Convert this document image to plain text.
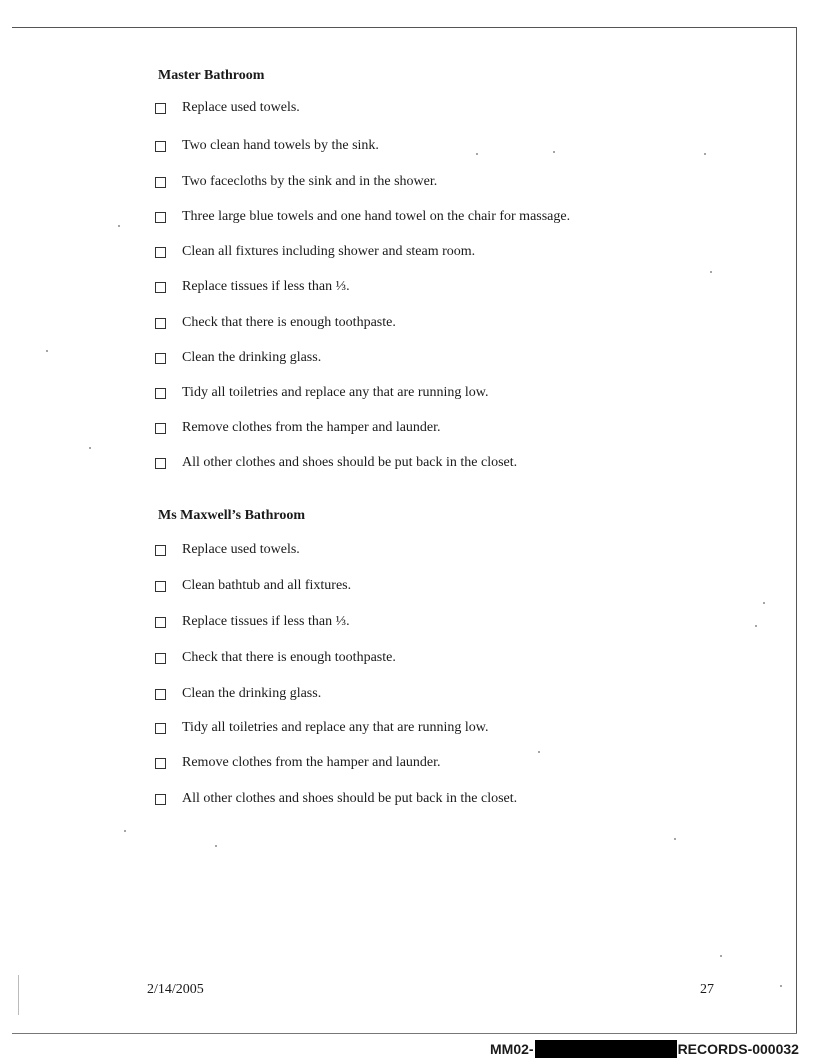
Master Bathroom
Replace used towels.
Two clean hand towels by the sink.
Two facecloths by the sink and in the shower.
Three large blue towels and one hand towel on the chair for massage.
Clean all fixtures including shower and steam room.
Replace tissues if less than ⅓.
Check that there is enough toothpaste.
Clean the drinking glass.
Tidy all toiletries and replace any that are running low.
Remove clothes from the hamper and launder.
All other clothes and shoes should be put back in the closet.
Ms Maxwell’s Bathroom
Replace used towels.
Clean bathtub and all fixtures.
Replace tissues if less than ⅓.
Check that there is enough toothpaste.
Clean the drinking glass.
Tidy all toiletries and replace any that are running low.
Remove clothes from the hamper and launder.
All other clothes and shoes should be put back in the closet.
2/14/2005	27
MM02-	RECORDS-000032
